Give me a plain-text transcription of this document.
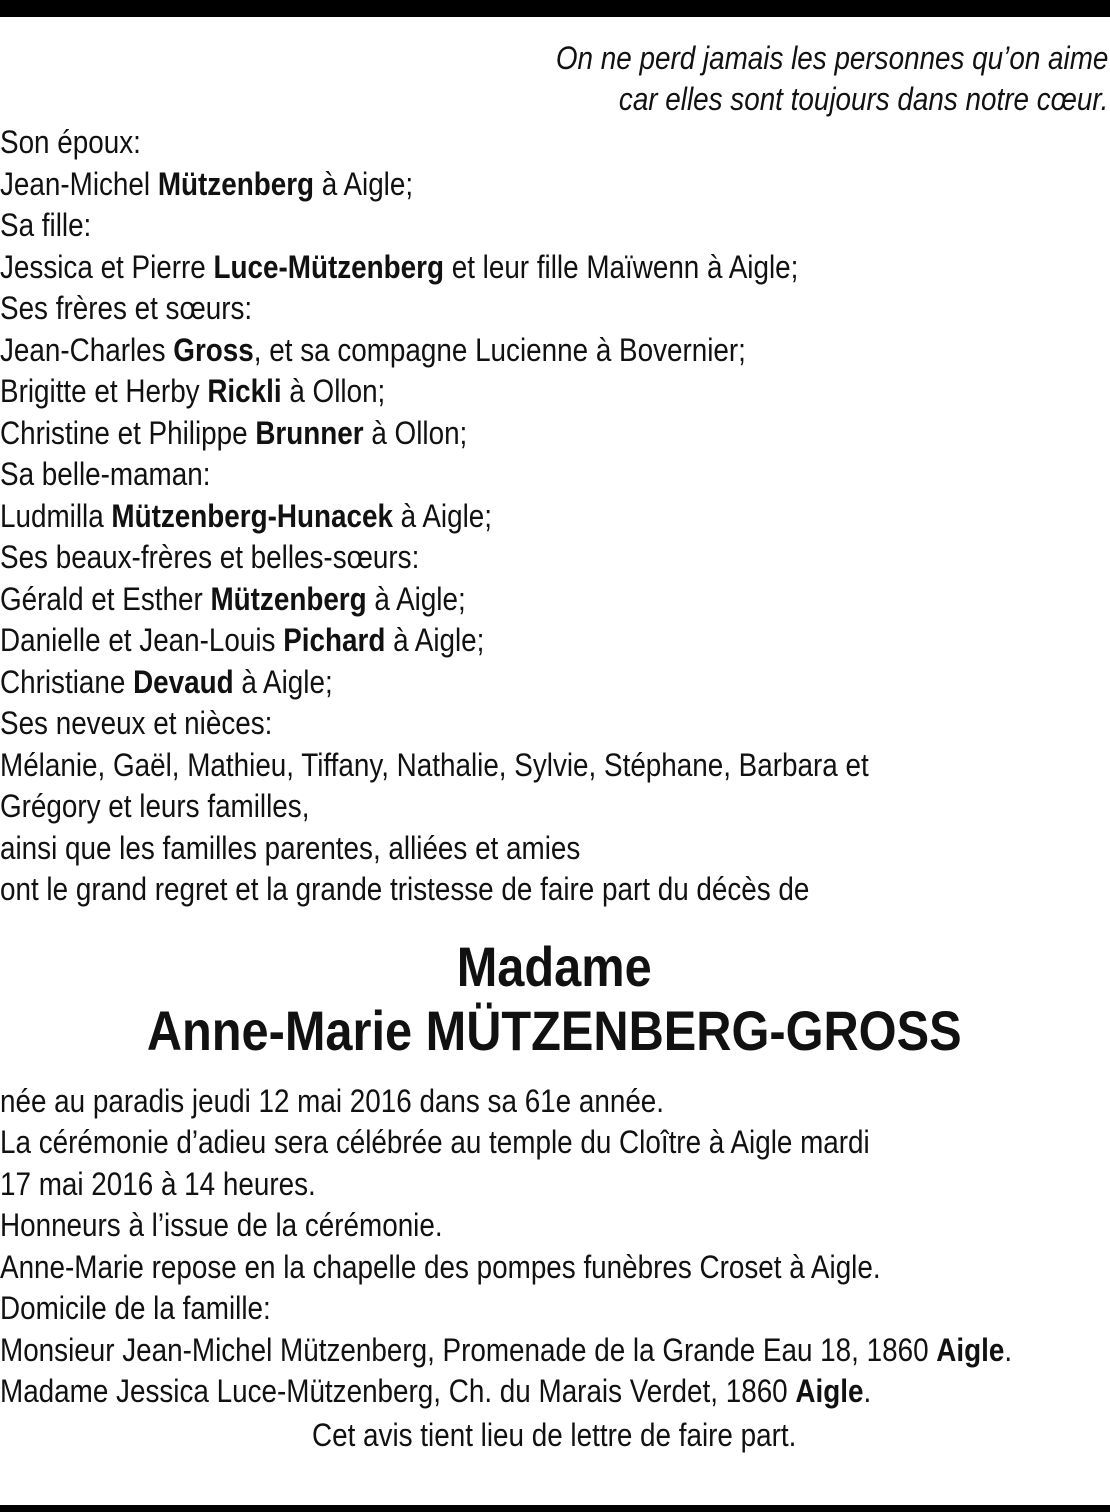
On ne perd jamais les personnes qu’on aime
car elles sont toujours dans notre cœur.
Son époux:
Jean-Michel Mützenberg à Aigle;
Sa fille:
Jessica et Pierre Luce-Mützenberg et leur fille Maïwenn à Aigle;
Ses frères et sœurs:
Jean-Charles Gross, et sa compagne Lucienne à Bovernier;
Brigitte et Herby Rickli à Ollon;
Christine et Philippe Brunner à Ollon;
Sa belle-maman:
Ludmilla Mützenberg-Hunacek à Aigle;
Ses beaux-frères et belles-sœurs:
Gérald et Esther Mützenberg à Aigle;
Danielle et Jean-Louis Pichard à Aigle;
Christiane Devaud à Aigle;
Ses neveux et nièces:
Mélanie, Gaël, Mathieu, Tiffany, Nathalie, Sylvie, Stéphane, Barbara et
Grégory et leurs familles,
ainsi que les familles parentes, alliées et amies
ont le grand regret et la grande tristesse de faire part du décès de
Madame
Anne-Marie MÜTZENBERG-GROSS
née au paradis jeudi 12 mai 2016 dans sa 61e année.
La cérémonie d’adieu sera célébrée au temple du Cloître à Aigle mardi
17 mai 2016 à 14 heures.
Honneurs à l’issue de la cérémonie.
Anne-Marie repose en la chapelle des pompes funèbres Croset à Aigle.
Domicile de la famille:
Monsieur Jean-Michel Mützenberg, Promenade de la Grande Eau 18, 1860 Aigle.
Madame Jessica Luce-Mützenberg, Ch. du Marais Verdet, 1860 Aigle.
Cet avis tient lieu de lettre de faire part.
